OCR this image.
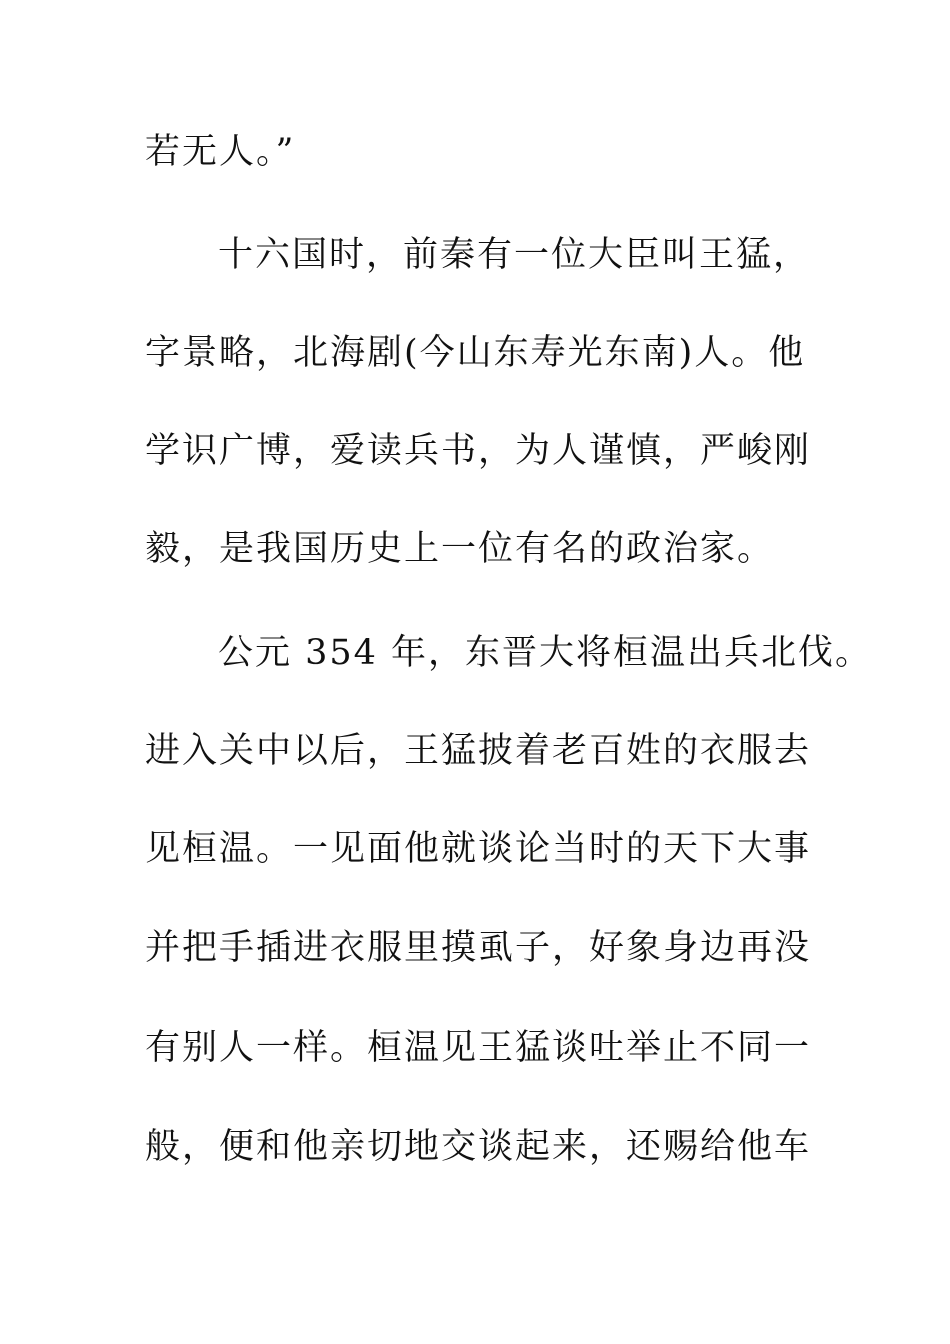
若无人。”
十六国时，前秦有一位大臣叫王猛，
字景略，北海剧(今山东寿光东南)人。他
学识广博，爱读兵书，为人谨慎，严峻刚
毅，是我国历史上一位有名的政治家。
公元 354 年，东晋大将桓温出兵北伐。
进入关中以后，王猛披着老百姓的衣服去
见桓温。一见面他就谈论当时的天下大事
并把手插进衣服里摸虱子，好象身边再没
有别人一样。桓温见王猛谈吐举止不同一
般，便和他亲切地交谈起来，还赐给他车
